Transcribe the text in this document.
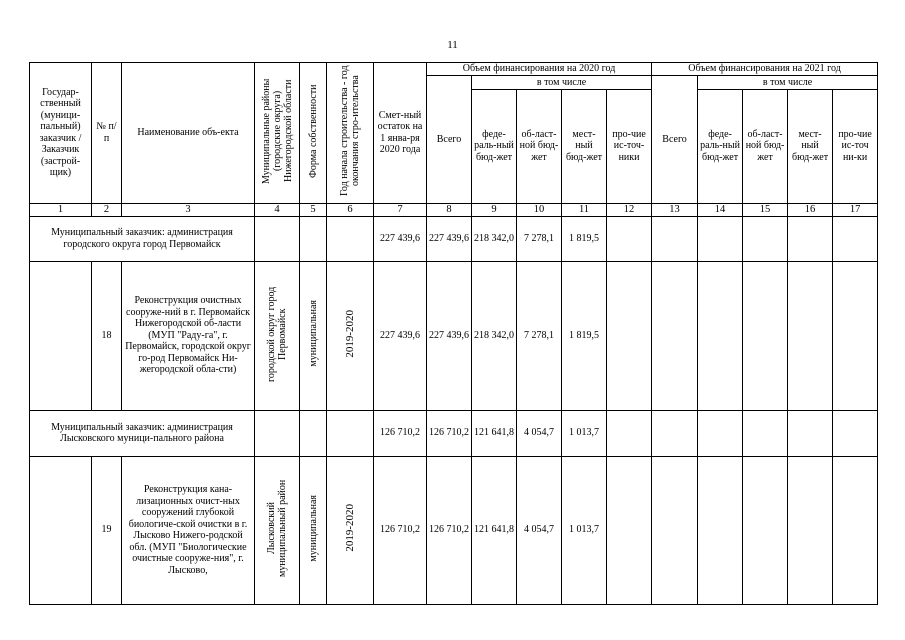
11
Государ-ственный (муници-пальный) заказчик /Заказчик (застрой-щик)	№ п/п	Наименование объ-екта	Муниципальные районы (городские округа) Нижегородской области	Форма собственности	Год начала строительства - год окончания стро-ительства	Смет-ный остаток на 1 янва-ря 2020 года	Объем финансирования на 2020 год					Объем финансирования на 2021 год				
							Всего	в том числе				Всего	в том числе			
								феде-раль-ный бюд-жет	об-ласт-ной бюд-жет	мест-ный бюд-жет	про-чие ис-точ-ники		феде-раль-ный бюд-жет	об-ласт-ной бюд-жет	мест-ный бюд-жет	про-чие ис-точ ни-ки
1	2	3	4	5	6	7	8	9	10	11	12	13	14	15	16	17
Муниципальный заказчик: администрация городского округа город Первомайск						227 439,6	227 439,6	218 342,0	7 278,1	1 819,5						
	18	Реконструкция очистных сооруже-ний в г. Первомайск Нижегородской об-ласти (МУП "Раду-га", г. Первомайск, городской округ го-род Первомайск Ни-жегородской обла-сти)	городской округ город Первомайск	муниципальная	2019-2020	227 439,6	227 439,6	218 342,0	7 278,1	1 819,5						
Муниципальный заказчик: администрация Лысковского муници-пального района						126 710,2	126 710,2	121 641,8	4 054,7	1 013,7						
	19	Реконструкция кана-лизационных очист-ных сооружений глубокой биологиче-ской очистки в г. Лысково Нижего-родской обл. (МУП "Биологические очистные сооруже-ния", г. Лысково,	Лысковский муниципальный район	муниципальная	2019-2020	126 710,2	126 710,2	121 641,8	4 054,7	1 013,7						
